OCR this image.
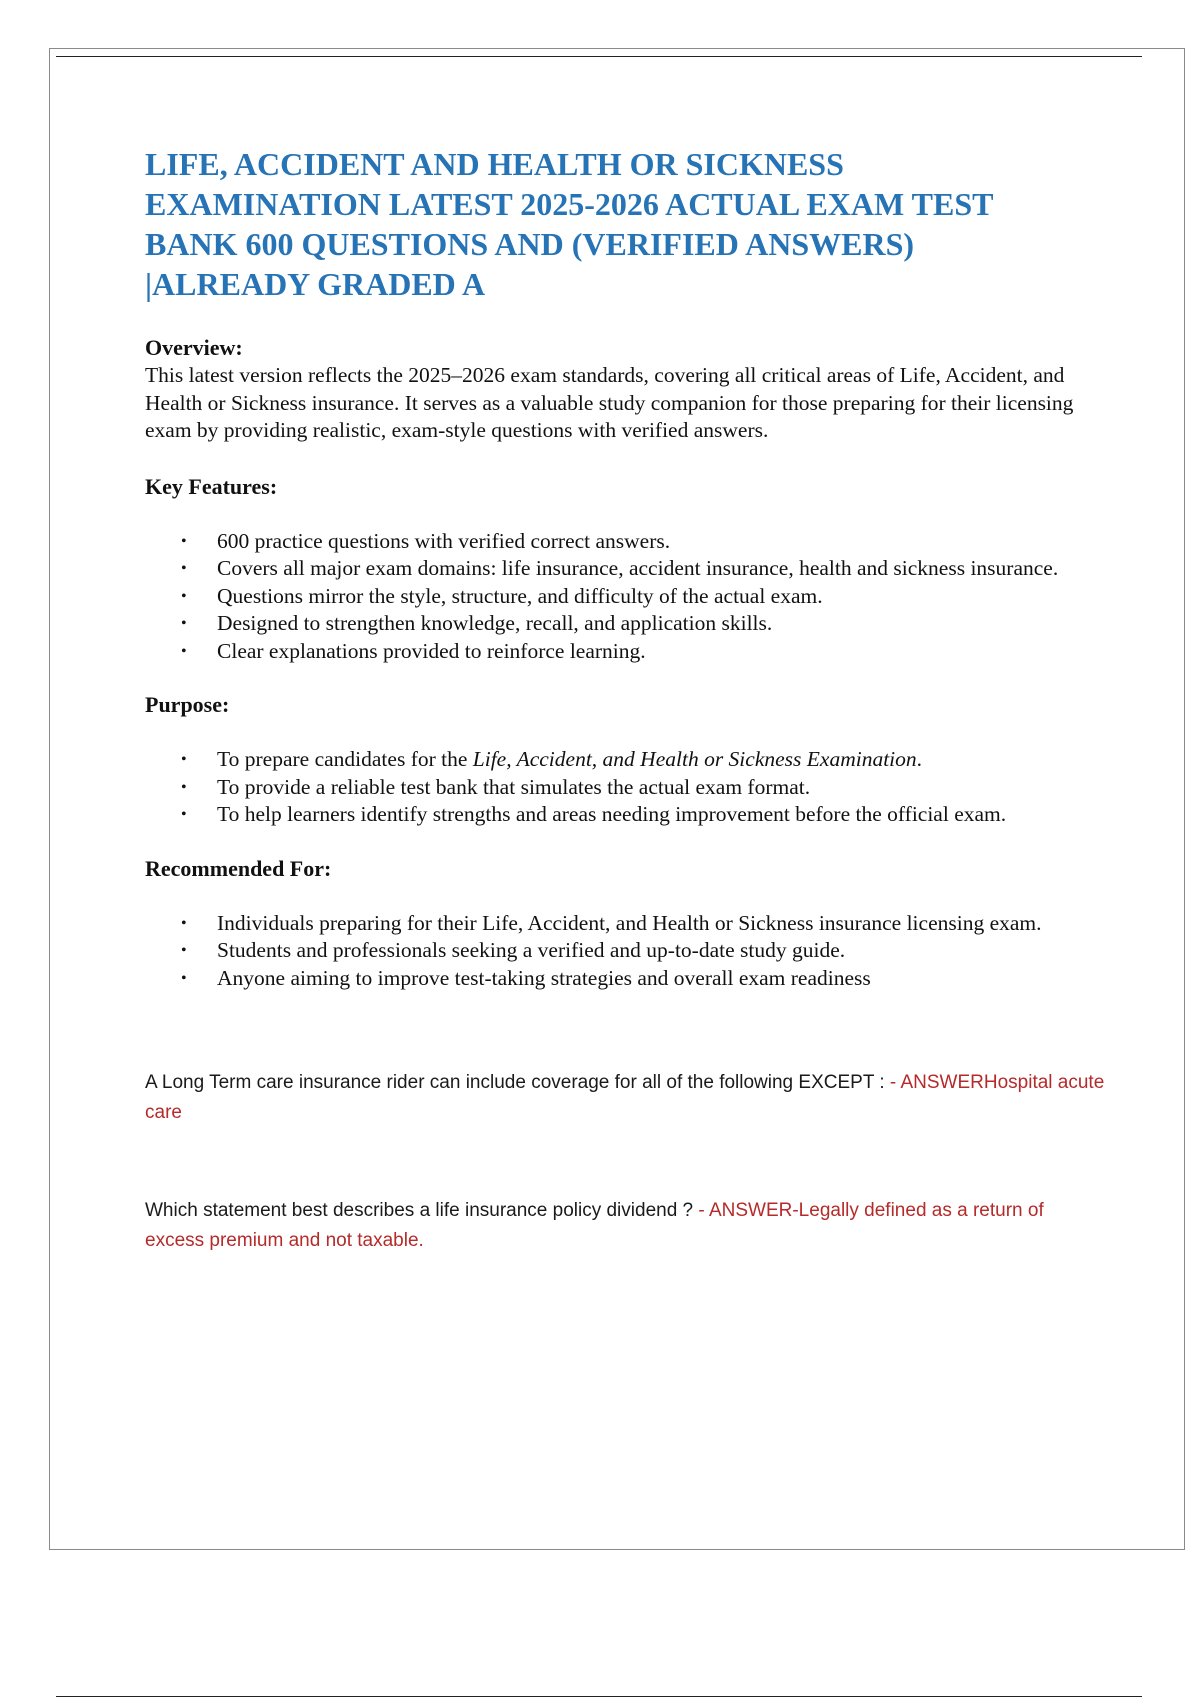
LIFE, ACCIDENT AND HEALTH OR SICKNESS
EXAMINATION LATEST 2025-2026 ACTUAL EXAM TEST
BANK 600 QUESTIONS AND (VERIFIED ANSWERS)
|ALREADY GRADED A
Overview:

This latest version reflects the 2025–2026 exam standards, covering all critical areas of Life, Accident, and Health or Sickness insurance. It serves as a valuable study companion for those preparing for their licensing exam by providing realistic, exam-style questions with verified answers.

Key Features:
• 600 practice questions with verified correct answers.
• Covers all major exam domains: life insurance, accident insurance, health and sickness insurance.
• Questions mirror the style, structure, and difficulty of the actual exam.
• Designed to strengthen knowledge, recall, and application skills.
• Clear explanations provided to reinforce learning.
Purpose:
• To prepare candidates for the Life, Accident, and Health or Sickness Examination.
• To provide a reliable test bank that simulates the actual exam format.
• To help learners identify strengths and areas needing improvement before the official exam.
Recommended For:
• Individuals preparing for their Life, Accident, and Health or Sickness insurance licensing exam.
• Students and professionals seeking a verified and up-to-date study guide.
• Anyone aiming to improve test-taking strategies and overall exam readiness

A Long Term care insurance rider can include coverage for all of the following EXCEPT : - ANSWERHospital acute care

Which statement best describes a life insurance policy dividend ? - ANSWER-Legally defined as a return of excess premium and not taxable.
